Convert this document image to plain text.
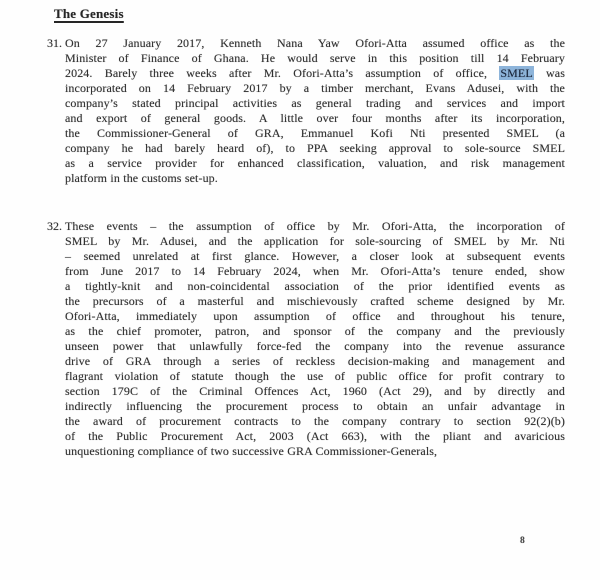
The Genesis
31. On 27 January 2017, Kenneth Nana Yaw Ofori-Atta assumed office as the
Minister of Finance of Ghana. He would serve in this position till 14 February
2024. Barely three weeks after Mr. Ofori-Atta’s assumption of office, SMEL was
incorporated on 14 February 2017 by a timber merchant, Evans Adusei, with the
company’s stated principal activities as general trading and services and import
and export of general goods. A little over four months after its incorporation,
the Commissioner-General of GRA, Emmanuel Kofi Nti presented SMEL (a
company he had barely heard of), to PPA seeking approval to sole-source SMEL
as a service provider for enhanced classification, valuation, and risk management
platform in the customs set-up.
32. These events – the assumption of office by Mr. Ofori-Atta, the incorporation of
SMEL by Mr. Adusei, and the application for sole-sourcing of SMEL by Mr. Nti
– seemed unrelated at first glance. However, a closer look at subsequent events
from June 2017 to 14 February 2024, when Mr. Ofori-Atta’s tenure ended, show
a tightly-knit and non-coincidental association of the prior identified events as
the precursors of a masterful and mischievously crafted scheme designed by Mr.
Ofori-Atta, immediately upon assumption of office and throughout his tenure,
as the chief promoter, patron, and sponsor of the company and the previously
unseen power that unlawfully force-fed the company into the revenue assurance
drive of GRA through a series of reckless decision-making and management and
flagrant violation of statute though the use of public office for profit contrary to
section 179C of the Criminal Offences Act, 1960 (Act 29), and by directly and
indirectly influencing the procurement process to obtain an unfair advantage in
the award of procurement contracts to the company contrary to section 92(2)(b)
of the Public Procurement Act, 2003 (Act 663), with the pliant and avaricious
unquestioning compliance of two successive GRA Commissioner-Generals,
8
